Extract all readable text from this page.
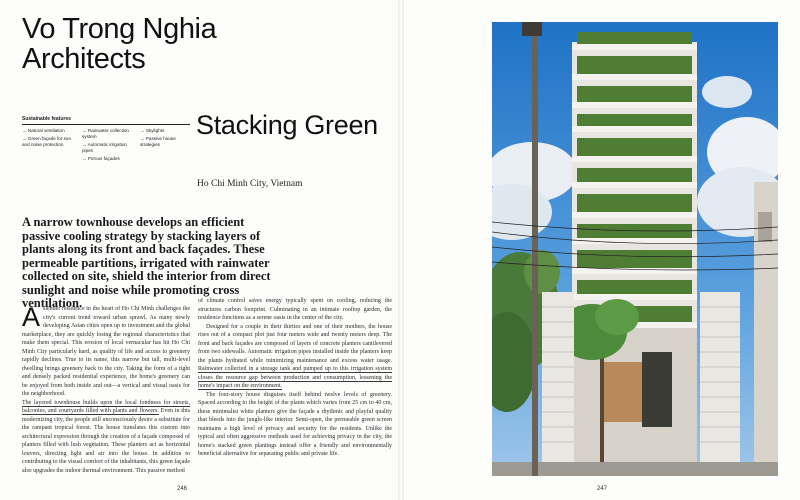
Vo Trong Nghia Architects
Sustainable features
→ Natural ventilation
→ Green façade for sun and noise protection
→ Rainwater collection system
→ Automatic irrigation pipes
→ Porous façades
→ Skylights
→ Passive house strategies
Stacking Green
Ho Chi Minh City, Vietnam
A narrow townhouse develops an efficient passive cooling strategy by stacking layers of plants along its front and back façades. These permeable partitions, irrigated with rainwater collected on site, shield the interior from direct sunlight and noise while promoting cross ventilation.

Aslender residence in the heart of Ho Chi Minh challenges the city's current trend toward urban sprawl. As many newly developing Asian cities open up to investment and the global marketplace, they are quickly losing the regional characteristics that make them special. This erosion of local vernacular has hit Ho Chi Minh City particularly hard, as quality of life and access to greenery rapidly declines. True to its name, this narrow but tall, multi-level dwelling brings greenery back to the city. Taking the form of a tight and densely packed residential experience, the home's greenery can be enjoyed from both inside and out—a vertical and visual oasis for the neighborhood.

The layered townhouse builds upon the local fondness for streets, balconies, and courtyards filled with plants and flowers. Even in this modernizing city, the people still unconsciously desire a substitute for the rampant tropical forest. The house translates this custom into architectural expression through the creation of a façade composed of planters filled with lush vegetation. These planters act as horizontal louvers, directing light and air into the house. In addition to contributing to the visual comfort of the inhabitants, this green façade also upgrades the indoor thermal environment. This passive method

of climate control saves energy typically spent on cooling, reducing the structures carbon footprint. Culminating in an intimate rooftop garden, the residence functions as a serene oasis in the center of the city.

Designed for a couple in their thirties and one of their mothers, the house rises out of a compact plot just four meters wide and twenty meters deep. The front and back façades are composed of layers of concrete planters cantilevered from two sidewalls. Automatic irrigation pipes installed inside the planters keep the plants hydrated while minimizing maintenance and excess water usage. Rainwater collected in a storage tank and pumped up to this irrigation system closes the resource gap between production and consumption, lessening the home's impact on the environment.

The four-story house disguises itself behind twelve levels of greenery. Spaced according to the height of the plants which varies from 25 cm to 40 cm, these minimalist white planters give the façade a rhythmic and playful quality that bleeds into the jungle-like interior. Semi-open, the permeable green screen maintains a high level of privacy and security for the residents. Unlike the typical and often aggressive methods used for achieving privacy in the city, the home's stacked green plantings instead offer a friendly and environmentally beneficial alternative for separating public and private life.

246	247
